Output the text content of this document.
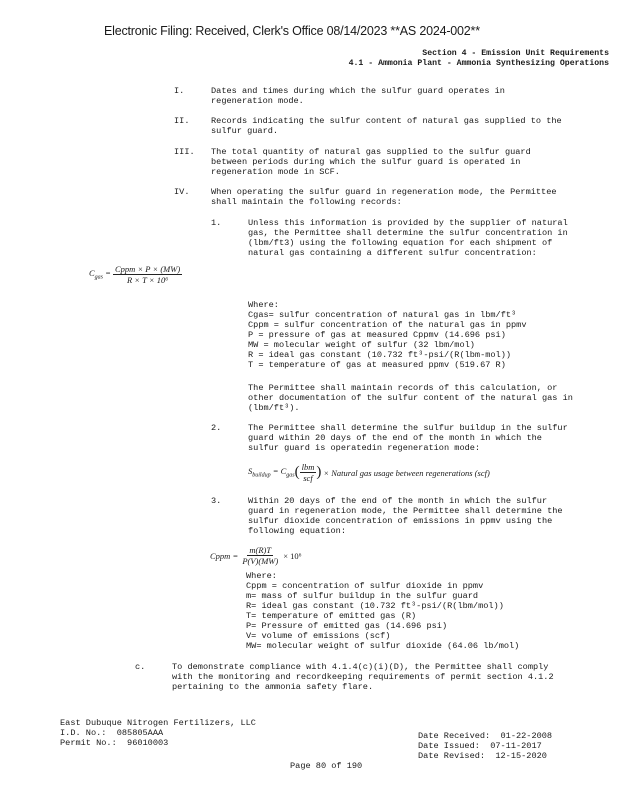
Electronic Filing: Received, Clerk's Office 08/14/2023 **AS 2024-002**
Section 4 - Emission Unit Requirements
4.1 - Ammonia Plant - Ammonia Synthesizing Operations
I.	Dates and times during which the sulfur guard operates in
regeneration mode.
II.	Records indicating the sulfur content of natural gas supplied to the
sulfur guard.
III. The total quantity of natural gas supplied to the sulfur guard
between periods during which the sulfur guard is operated in
regeneration mode in SCF.
IV.	When operating the sulfur guard in regeneration mode, the Permittee
shall maintain the following records:
1.	Unless this information is provided by the supplier of natural
gas, the Permittee shall determine the sulfur concentration in
(lbm/ft3) using the following equation for each shipment of
natural gas containing a different sulfur concentration:
$C_{gas} = \frac{\text{Cppm × P × (MW)}}{\text{R × T × 10⁶}}$
Where:
Cgas= sulfur concentration of natural gas in lbm/ft³
Cppm = sulfur concentration of the natural gas in ppmv
P = pressure of gas at measured Cppmv (14.696 psi)
MW = molecular weight of sulfur (32 lbm/mol)
R = ideal gas constant (10.732 ft³-psi/(R(lbm-mol))
T = temperature of gas at measured ppmv (519.67 R)
The Permittee shall maintain records of this calculation, or
other documentation of the sulfur content of the natural gas in
(lbm/ft³).
2.	The Permittee shall determine the sulfur buildup in the sulfur
guard within 20 days of the end of the month in which the
sulfur guard is operatedin regeneration mode:
$S_{buildup} = C_{gas}$ ( $\frac{\text{lbm}}{\text{scf}}$ ) × Natural gas usage between regenerations (scf)
3.	Within 20 days of the end of the month in which the sulfur
guard in regeneration mode, the Permittee shall determine the
sulfur dioxide concentration of emissions in ppmv using the
following equation:
Cppm = $\frac{m(R)T}{P(V)(MW)} \times 10^6$
Where:
Cppm = concentration of sulfur dioxide in ppmv
m= mass of sulfur buildup in the sulfur guard
R= ideal gas constant (10.732 ft³-psi/(R(lbm/mol))
T= temperature of emitted gas (R)
P= Pressure of emitted gas (14.696 psi)
V= volume of emissions (scf)
MW= molecular weight of sulfur dioxide (64.06 lb/mol)
c.	To demonstrate compliance with 4.1.4(c)(i)(D), the Permittee shall comply
with the monitoring and recordkeeping requirements of permit section 4.1.2
pertaining to the ammonia safety flare.
East Dubuque Nitrogen Fertilizers, LLC
I.D. No.:  085805AAA
Permit No.:  96010003
Date Received:  01-22-2008
Date Issued:  07-11-2017
Date Revised:  12-15-2020
Page 80 of 190
